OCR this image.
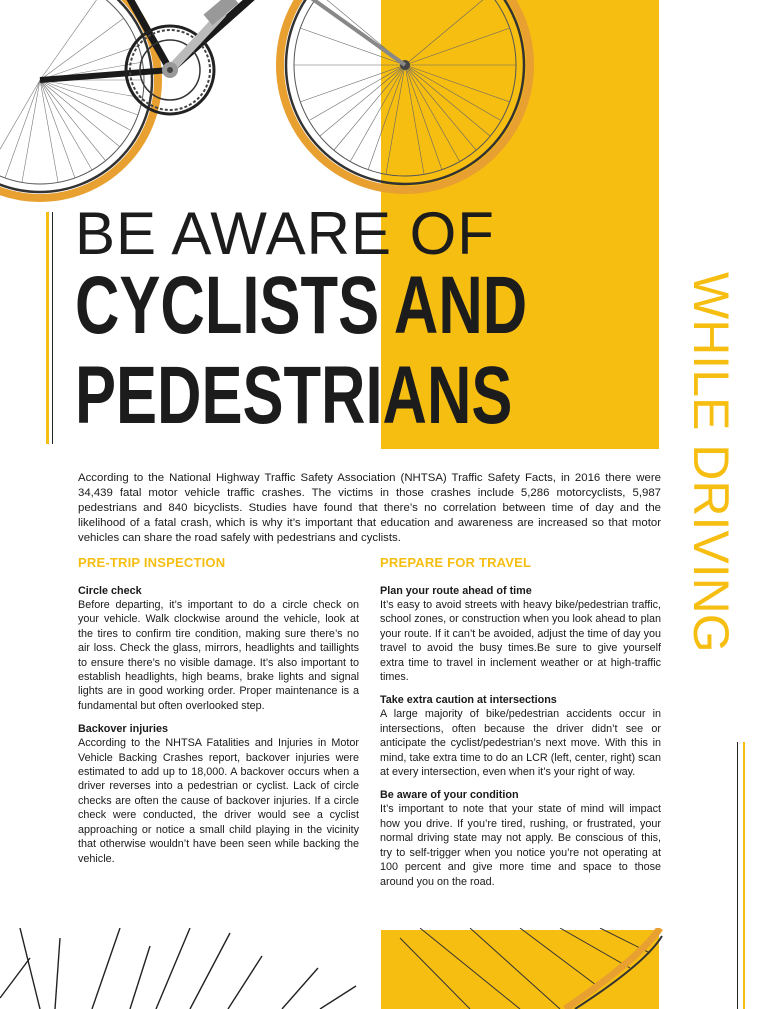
BE AWARE OF
CYCLISTS AND
PEDESTRIANS	WHILE DRIVING

According to the National Highway Traffic Safety Association (NHTSA) Traffic Safety Facts, in 2016 there were 34,439 fatal motor vehicle traffic crashes. The victims in those crashes include 5,286 motorcyclists, 5,987 pedestrians and 840 bicyclists. Studies have found that there’s no correlation between time of day and the likelihood of a fatal crash, which is why it’s important that education and awareness are increased so that motor vehicles can share the road safely with pedestrians and cyclists.

PRE-TRIP INSPECTION

Circle check

Before departing, it’s important to do a circle check on your vehicle. Walk clockwise around the vehicle, look at the tires to confirm tire condition, making sure there’s no air loss. Check the glass, mirrors, headlights and taillights to ensure there’s no visible damage. It’s also important to establish headlights, high beams, brake lights and signal lights are in good working order. Proper maintenance is a fundamental but often overlooked step.

Backover injuries

According to the NHTSA Fatalities and Injuries in Motor Vehicle Backing Crashes report, backover injuries were estimated to add up to 18,000. A backover occurs when a driver reverses into a pedestrian or cyclist. Lack of circle checks are often the cause of backover injuries. If a circle check were conducted, the driver would see a cyclist approaching or notice a small child playing in the vicinity that otherwise wouldn’t have been seen while backing the vehicle.

PREPARE FOR TRAVEL

Plan your route ahead of time

It’s easy to avoid streets with heavy bike/pedestrian traffic, school zones, or construction when you look ahead to plan your route. If it can’t be avoided, adjust the time of day you travel to avoid the busy times.Be sure to give yourself extra time to travel in inclement weather or at high-traffic times.

Take extra caution at intersections

A large majority of bike/pedestrian accidents occur in intersections, often because the driver didn’t see or anticipate the cyclist/pedestrian’s next move. With this in mind, take extra time to do an LCR (left, center, right) scan at every intersection, even when it’s your right of way.

Be aware of your condition

It’s important to note that your state of mind will impact how you drive. If you’re tired, rushing, or frustrated, your normal driving state may not apply. Be conscious of this, try to self-trigger when you notice you’re not operating at 100 percent and give more time and space to those around you on the road.
